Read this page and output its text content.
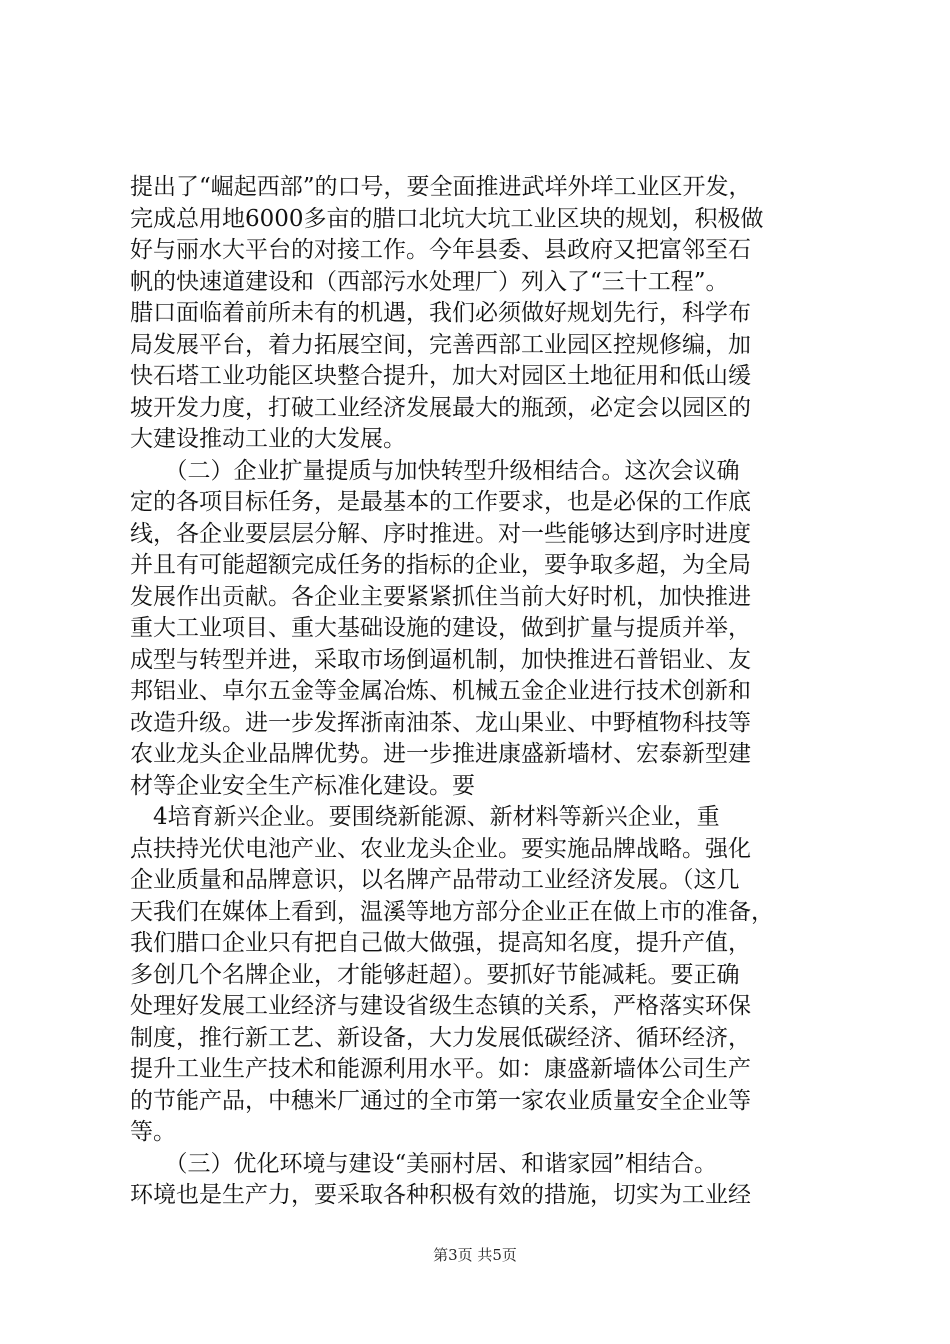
提出了“崛起西部”的口号，要全面推进武垟外垟工业区开发，
完成总用地6000多亩的腊口北坑大坑工业区块的规划，积极做
好与丽水大平台的对接工作。今年县委、县政府又把富邻至石
帆的快速道建设和（西部污水处理厂）列入了“三十工程”。
腊口面临着前所未有的机遇，我们必须做好规划先行，科学布
局发展平台，着力拓展空间，完善西部工业园区控规修编，加
快石塔工业功能区块整合提升，加大对园区土地征用和低山缓
坡开发力度，打破工业经济发展最大的瓶颈，必定会以园区的
大建设推动工业的大发展。
　　（二）企业扩量提质与加快转型升级相结合。这次会议确
定的各项目标任务，是最基本的工作要求，也是必保的工作底
线，各企业要层层分解、序时推进。对一些能够达到序时进度
并且有可能超额完成任务的指标的企业，要争取多超，为全局
发展作出贡献。各企业主要紧紧抓住当前大好时机，加快推进
重大工业项目、重大基础设施的建设，做到扩量与提质并举，
成型与转型并进，采取市场倒逼机制，加快推进石普铝业、友
邦铝业、卓尔五金等金属冶炼、机械五金企业进行技术创新和
改造升级。进一步发挥浙南油茶、龙山果业、中野植物科技等
农业龙头企业品牌优势。进一步推进康盛新墙材、宏泰新型建
材等企业安全生产标准化建设。要
　4培育新兴企业。要围绕新能源、新材料等新兴企业，重
点扶持光伏电池产业、农业龙头企业。要实施品牌战略。强化
企业质量和品牌意识，以名牌产品带动工业经济发展。（这几
天我们在媒体上看到，温溪等地方部分企业正在做上市的准备，
我们腊口企业只有把自己做大做强，提高知名度，提升产值，
多创几个名牌企业，才能够赶超）。要抓好节能减耗。要正确
处理好发展工业经济与建设省级生态镇的关系，严格落实环保
制度，推行新工艺、新设备，大力发展低碳经济、循环经济，
提升工业生产技术和能源利用水平。如：康盛新墙体公司生产
的节能产品，中穗米厂通过的全市第一家农业质量安全企业等
等。
　　（三）优化环境与建设“美丽村居、和谐家园”相结合。
环境也是生产力，要采取各种积极有效的措施，切实为工业经
第3页 共5页
